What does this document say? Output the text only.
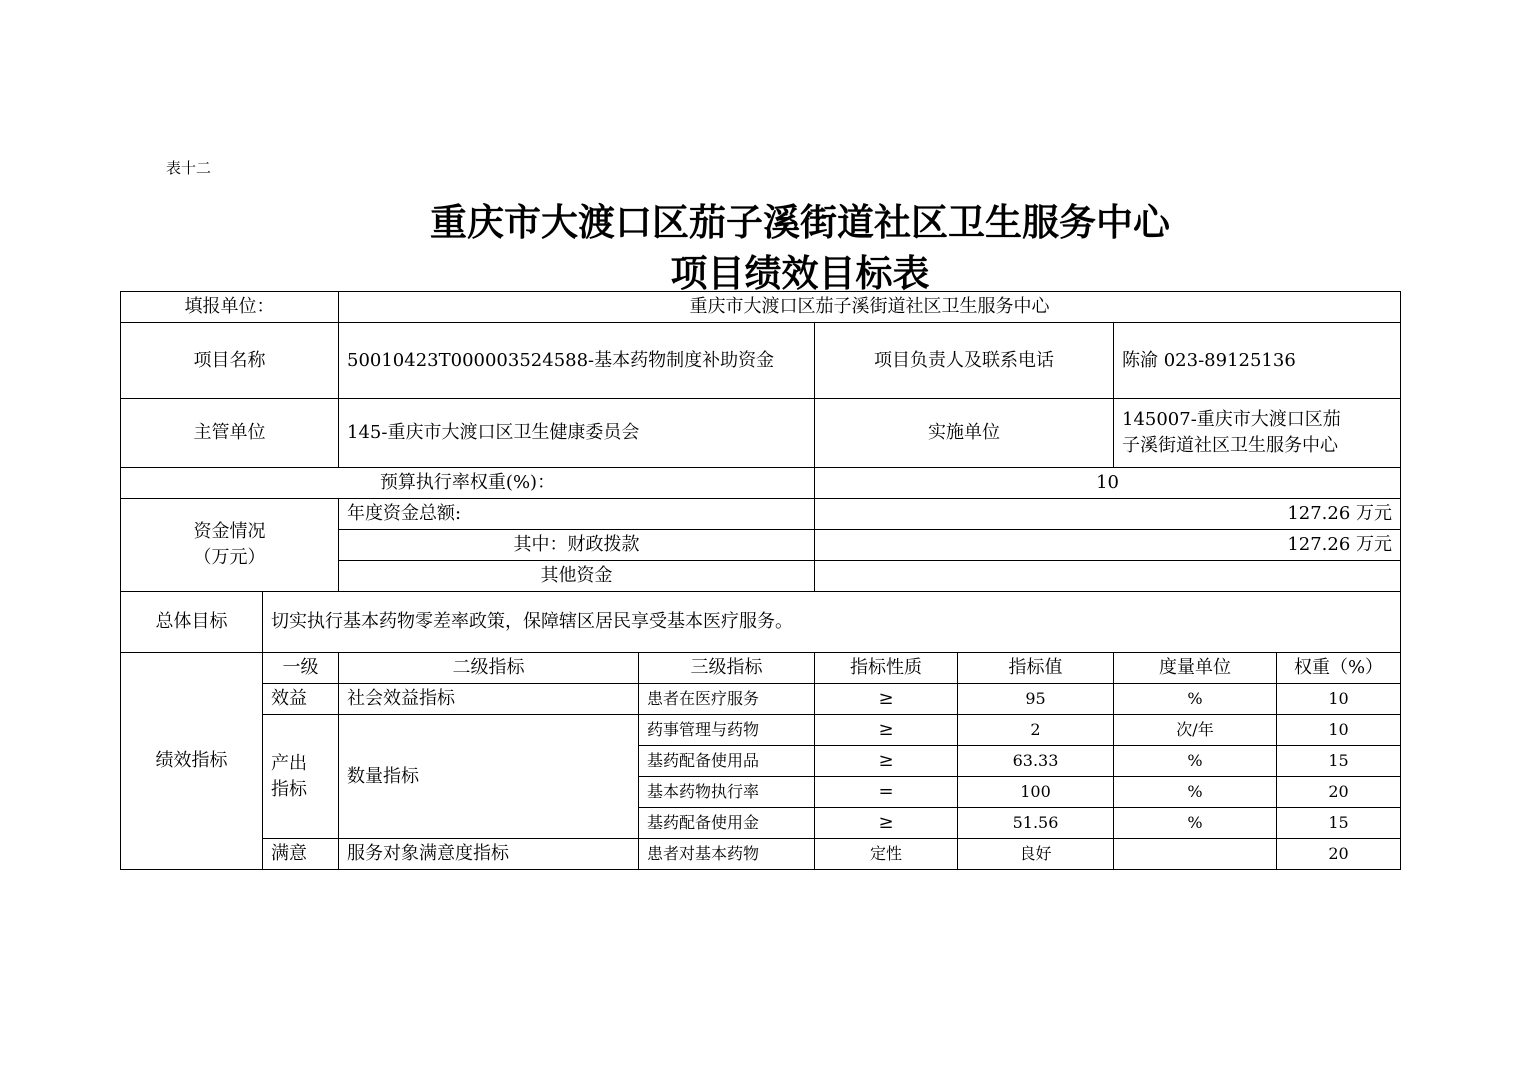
表十二
重庆市大渡口区茄子溪街道社区卫生服务中心
项目绩效目标表
填报单位：		重庆市大渡口区茄子溪街道社区卫生服务中心					
项目名称		50010423T000003524588-基本药物制度补助资金		项目负责人及联系电话		陈渝 023-89125136	
主管单位		145-重庆市大渡口区卫生健康委员会		实施单位		145007-重庆市大渡口区茄
子溪街道社区卫生服务中心	

预算执行率权重(%)：				10			

资金情况
（万元）		年度资金总额:		127.26 万元			
		其中：财政拨款		127.26 万元			
		其他资金					
总体目标	切实执行基本药物零差率政策，保障辖区居民享受基本医疗服务。						
绩效指标	一级	二级指标	三级指标	指标性质	指标值	度量单位	权重（%）
	效益	社会效益指标	患者在医疗服务	≥	95	%	10

	产出
指标	数量指标	药事管理与药物	≥	2	次/年	10
			基药配备使用品	≥	63.33	%	15
			基本药物执行率	=	100	%	20
			基药配备使用金	≥	51.56	%	15
	满意	服务对象满意度指标	患者对基本药物	定性	良好		20
